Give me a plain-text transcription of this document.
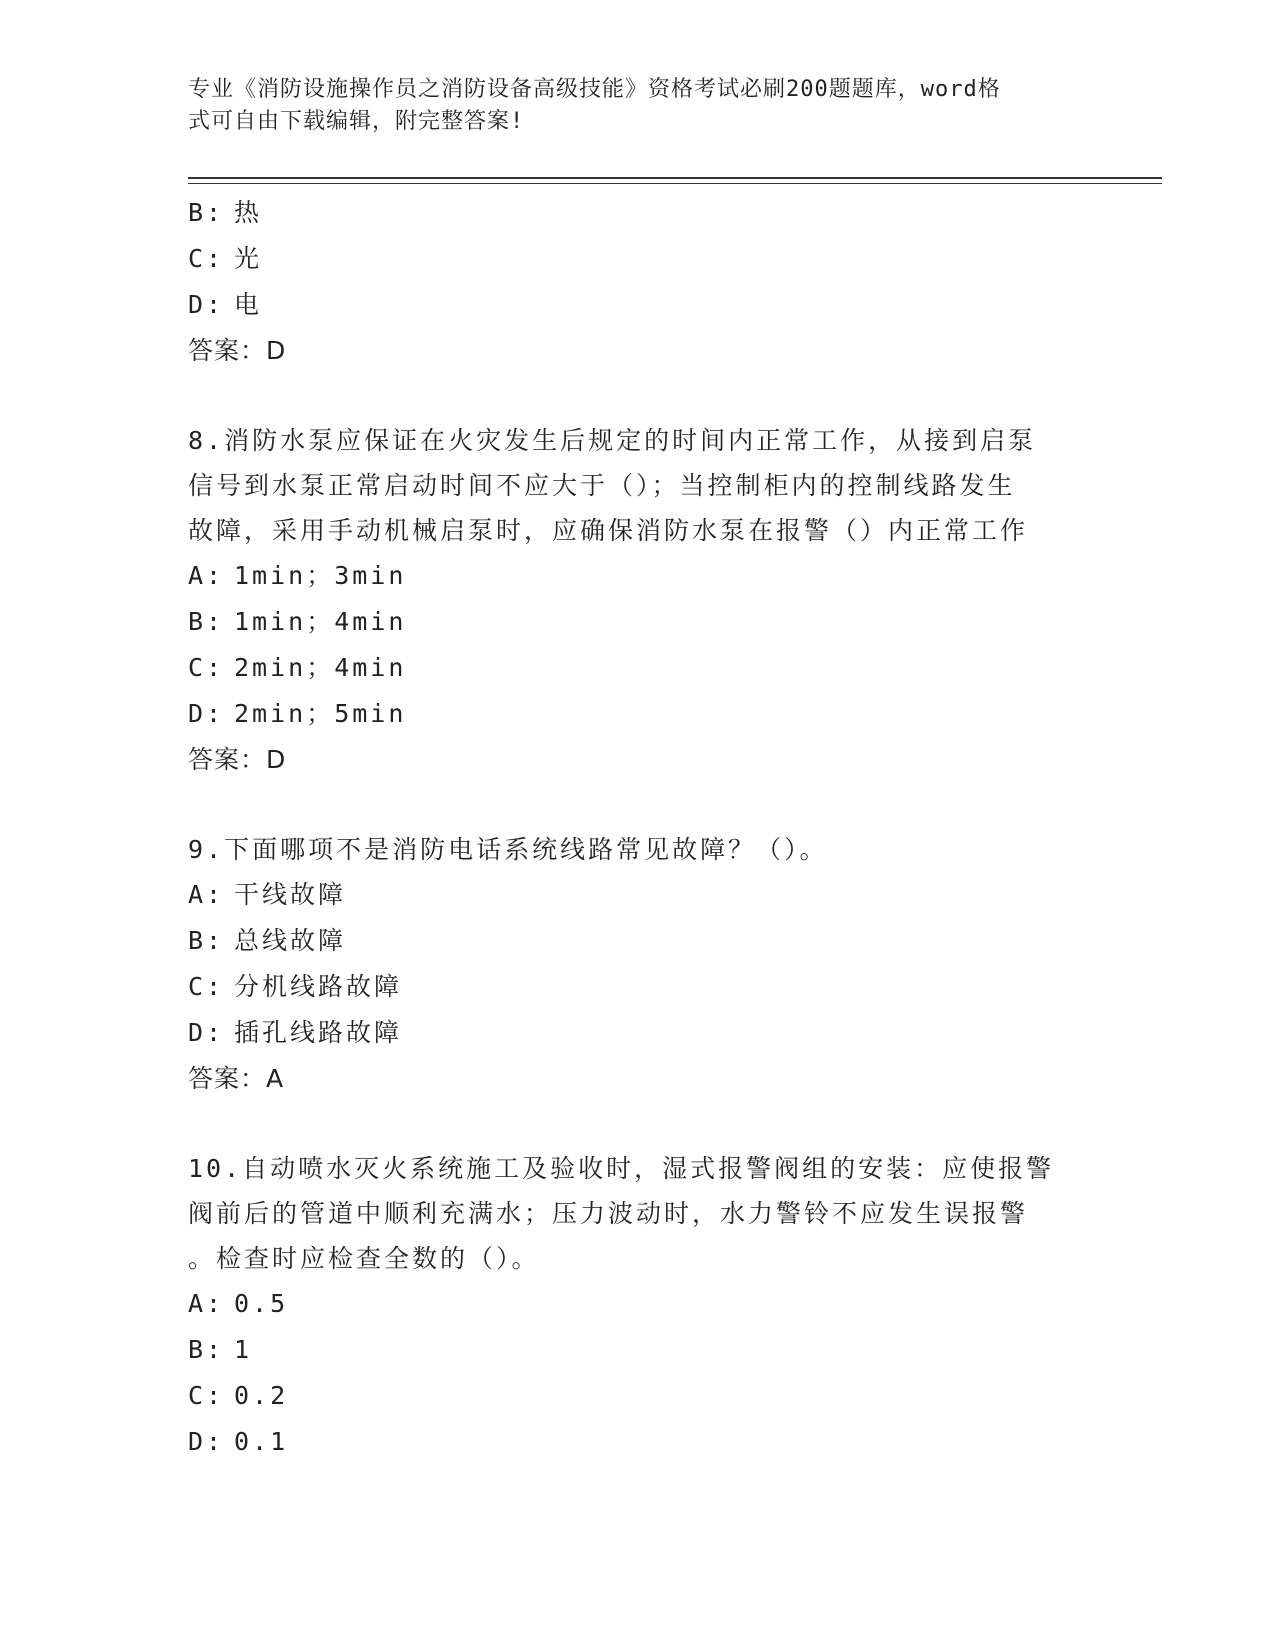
专业《消防设施操作员之消防设备高级技能》资格考试必刷200题题库，word格
式可自由下载编辑，附完整答案!
B: 热
C: 光
D: 电
答案：D
8.消防水泵应保证在火灾发生后规定的时间内正常工作，从接到启泵
信号到水泵正常启动时间不应大于（）；当控制柜内的控制线路发生
故障，采用手动机械启泵时，应确保消防水泵在报警（）内正常工作
A: 1min；3min
B: 1min；4min
C: 2min；4min
D: 2min；5min
答案：D
9.下面哪项不是消防电话系统线路常见故障？（）。
A: 干线故障
B: 总线故障
C: 分机线路故障
D: 插孔线路故障
答案：A
10.自动喷水灭火系统施工及验收时，湿式报警阀组的安装：应使报警
阀前后的管道中顺利充满水；压力波动时，水力警铃不应发生误报警
。检查时应检查全数的（）。
A: 0.5
B: 1
C: 0.2
D: 0.1
